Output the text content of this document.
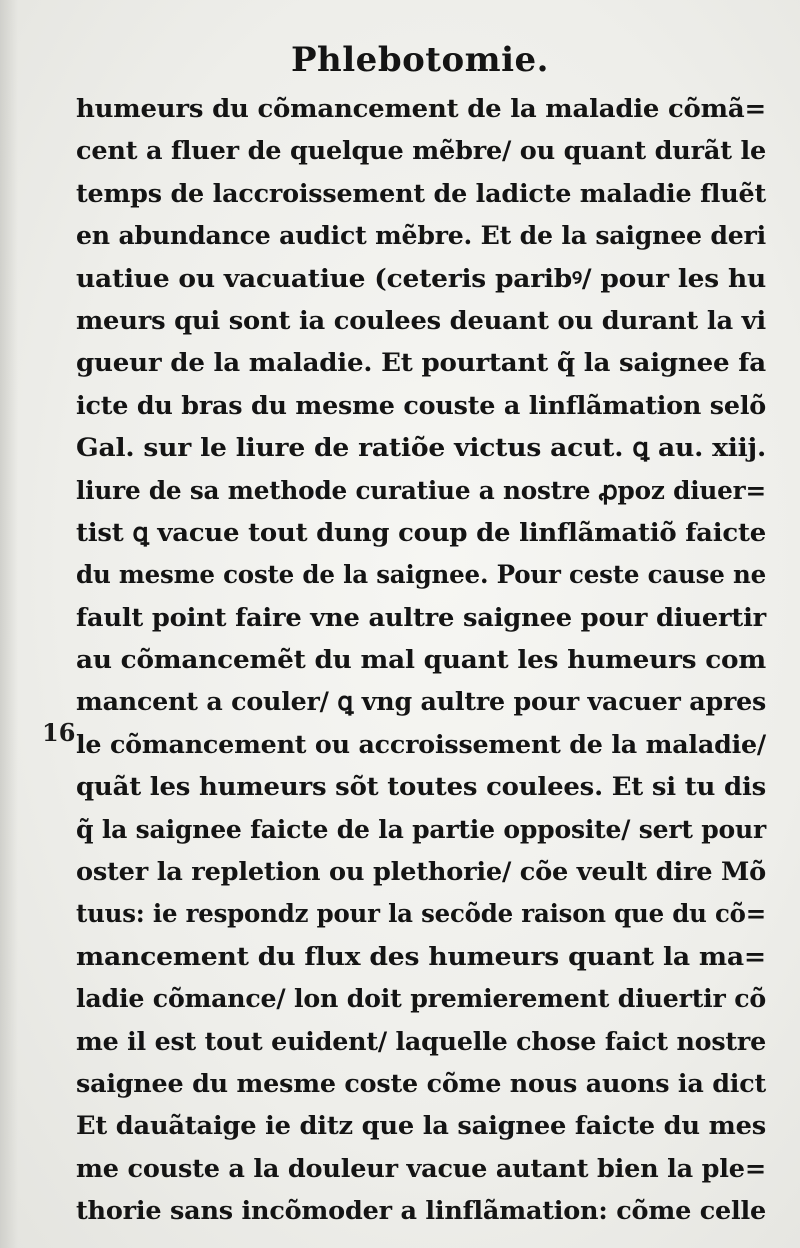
Phlebotomie.
16
humeurs du cõmancement de la maladie cõmã=
cent a fluer de quelque mẽbre/ ou quant durãt le
temps de laccroissement de ladicte maladie fluẽt
en abundance audict mẽbre. Et de la saignee deri
uatiue ou vacuatiue (ceteris paribꝰ/ pour les hu
meurs qui sont ia coulees deuant ou durant la vi
gueur de la maladie. Et pourtant q̃ la saignee fa
icte du bras du mesme couste a linflãmation selõ
Gal. sur le liure de ratiõe victus acut. ꝗ au. xiij.
liure de sa methode curatiue a nostre ꝓpoz diuer=
tist ꝗ vacue tout dung coup de linflãmatiõ faicte
du mesme coste de la saignee. Pour ceste cause ne
fault point faire vne aultre saignee pour diuertir
au cõmancemẽt du mal quant les humeurs com
mancent a couler/ ꝗ vng aultre pour vacuer apres
le cõmancement ou accroissement de la maladie/
quãt les humeurs sõt toutes coulees. Et si tu dis
q̃ la saignee faicte de la partie opposite/ sert pour
oster la repletion ou plethorie/ cõe veult dire Mõ
tuus: ie respondz pour la secõde raison que du cõ=
mancement du flux des humeurs quant la ma=
ladie cõmance/ lon doit premierement diuertir cõ
me il est tout euident/ laquelle chose faict nostre
saignee du mesme coste cõme nous auons ia dict
Et dauãtaige ie ditz que la saignee faicte du mes
me couste a la douleur vacue autant bien la ple=
thorie sans incõmoder a linflãmation: cõme celle
